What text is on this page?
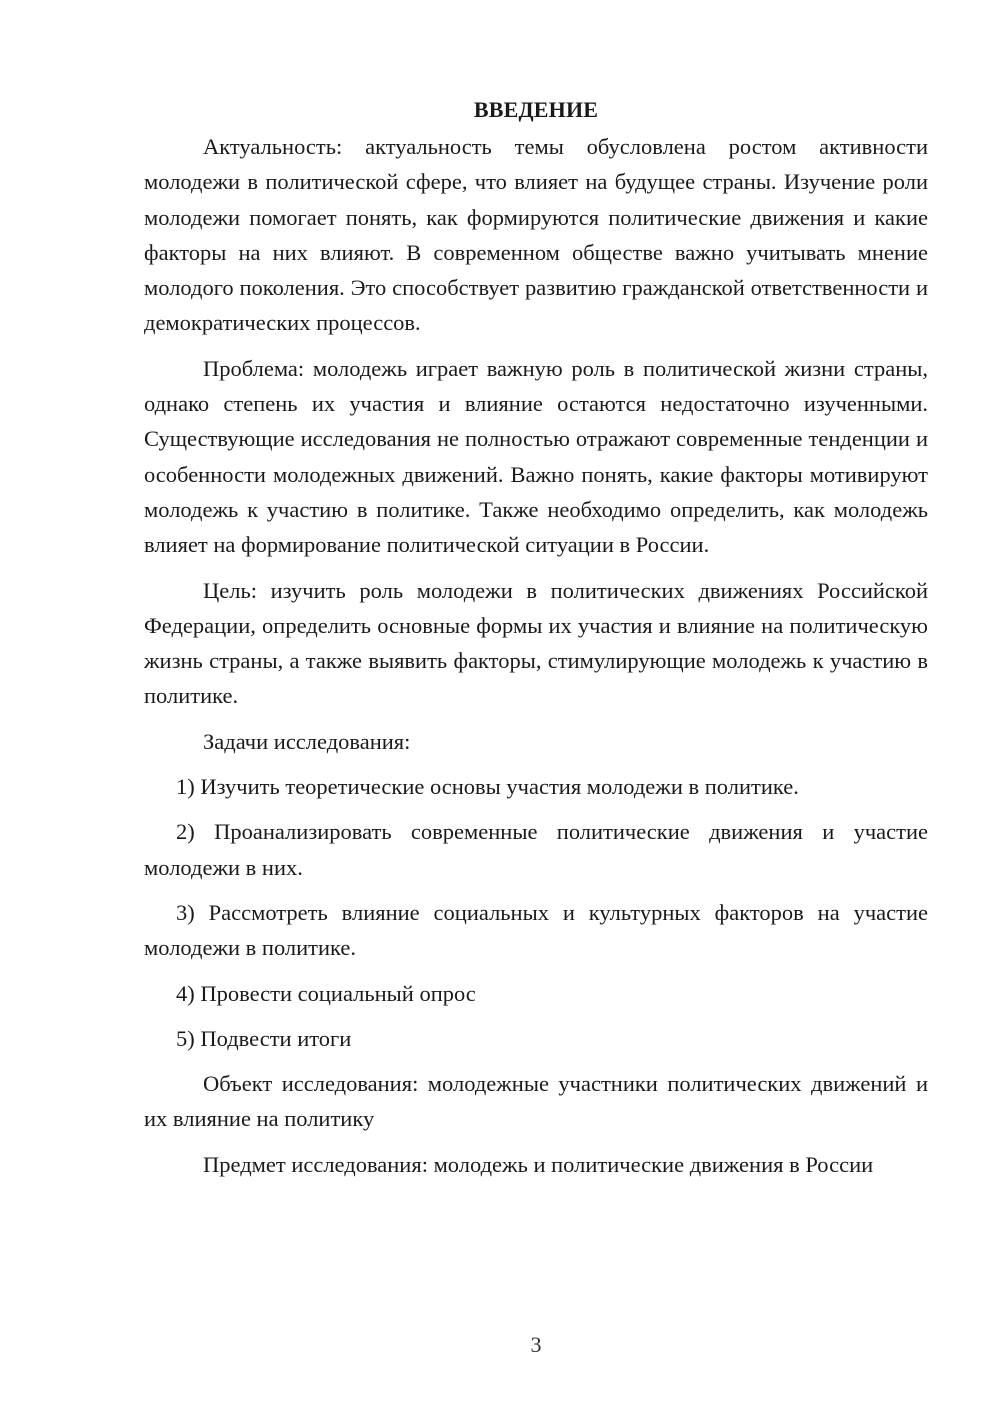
ВВЕДЕНИЕ

Актуальность: актуальность темы обусловлена ростом активности молодежи в политической сфере, что влияет на будущее страны. Изучение роли молодежи помогает понять, как формируются политические движения и какие факторы на них влияют. В современном обществе важно учитывать мнение молодого поколения. Это способствует развитию гражданской ответственности и демократических процессов.

Проблема: молодежь играет важную роль в политической жизни страны, однако степень их участия и влияние остаются недостаточно изученными. Существующие исследования не полностью отражают современные тенденции и особенности молодежных движений. Важно понять, какие факторы мотивируют молодежь к участию в политике. Также необходимо определить, как молодежь влияет на формирование политической ситуации в России.

Цель: изучить роль молодежи в политических движениях Российской Федерации, определить основные формы их участия и влияние на политическую жизнь страны, а также выявить факторы, стимулирующие молодежь к участию в политике.

Задачи исследования:

1) Изучить теоретические основы участия молодежи в политике.

2) Проанализировать современные политические движения и участие молодежи в них.

3) Рассмотреть влияние социальных и культурных факторов на участие молодежи в политике.

4) Провести социальный опрос

5) Подвести итоги

Объект исследования: молодежные участники политических движений и их влияние на политику

Предмет исследования: молодежь и политические движения в России

3
